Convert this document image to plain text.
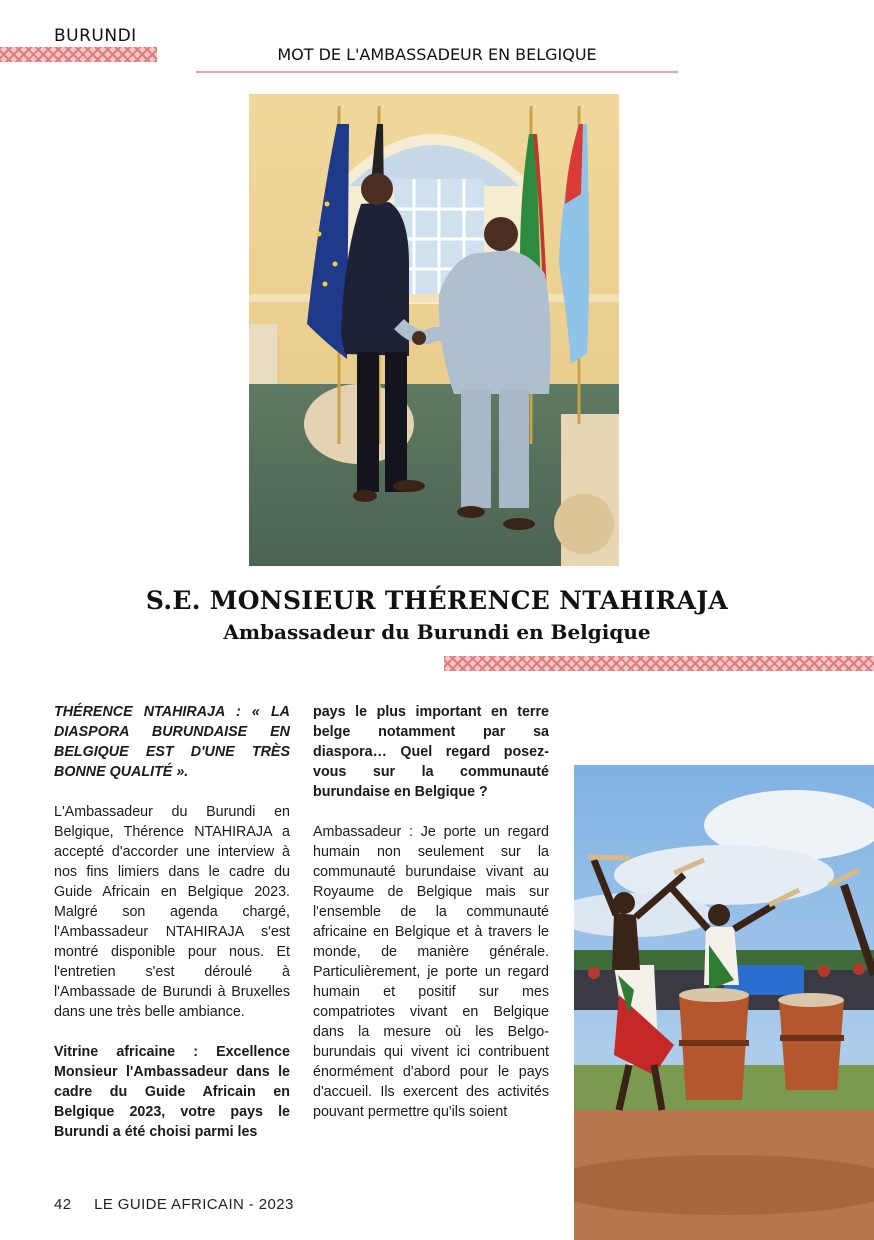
BURUNDI
MOT DE L'AMBASSADEUR EN BELGIQUE
S.E. MONSIEUR THÉRENCE NTAHIRAJA
Ambassadeur du Burundi en Belgique

THÉRENCE NTAHIRAJA : « LA DIASPORA BURUNDAISE EN BELGIQUE EST D'UNE TRÈS BONNE QUALITÉ ».

L'Ambassadeur du Burundi en Belgique, Thérence NTAHIRAJA a accepté d'accorder une interview à nos fins limiers dans le cadre du Guide Africain en Belgique 2023. Malgré son agenda chargé, l'Ambassadeur NTAHIRAJA s'est montré disponible pour nous. Et l'entretien s'est déroulé à l'Ambassade de Burundi à Bruxelles dans une très belle ambiance.

Vitrine africaine : Excellence Monsieur l'Ambassadeur dans le cadre du Guide Africain en Belgique 2023, votre pays le Burundi a été choisi parmi les

pays le plus important en terre belge notamment par sa diaspora… Quel regard posez-vous sur la communauté burundaise en Belgique ?

Ambassadeur : Je porte un regard humain non seulement sur la communauté burundaise vivant au Royaume de Belgique mais sur l'ensemble de la communauté africaine en Belgique et à travers le monde, de manière générale. Particulièrement, je porte un regard humain et positif sur mes compatriotes vivant en Belgique dans la mesure où les Belgo-burundais qui vivent ici contribuent énormément d'abord pour le pays d'accueil. Ils exercent des activités pouvant permettre qu'ils soient

42 LE GUIDE AFRICAIN - 2023
